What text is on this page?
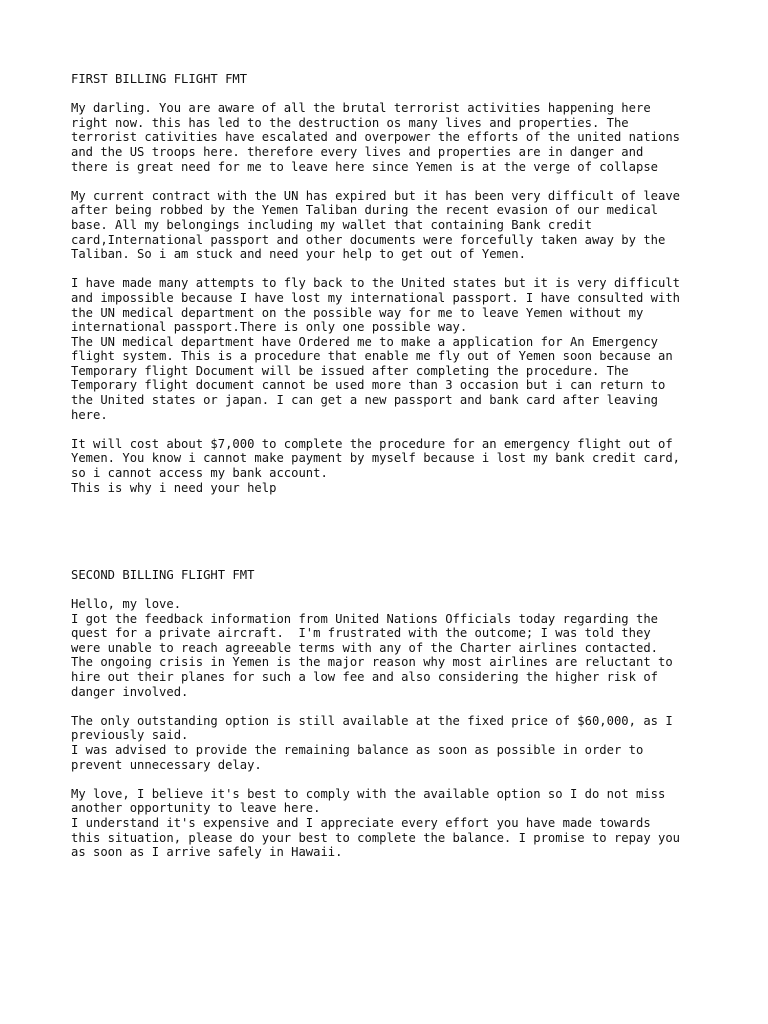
FIRST BILLING FLIGHT FMT
My darling. You are aware of all the brutal terrorist activities happening here
right now. this has led to the destruction os many lives and properties. The
terrorist cativities have escalated and overpower the efforts of the united nations
and the US troops here. therefore every lives and properties are in danger and
there is great need for me to leave here since Yemen is at the verge of collapse
My current contract with the UN has expired but it has been very difficult of leave
after being robbed by the Yemen Taliban during the recent evasion of our medical
base. All my belongings including my wallet that containing Bank credit
card,International passport and other documents were forcefully taken away by the
Taliban. So i am stuck and need your help to get out of Yemen.
I have made many attempts to fly back to the United states but it is very difficult
and impossible because I have lost my international passport. I have consulted with
the UN medical department on the possible way for me to leave Yemen without my
international passport.There is only one possible way.
The UN medical department have Ordered me to make a application for An Emergency
flight system. This is a procedure that enable me fly out of Yemen soon because an
Temporary flight Document will be issued after completing the procedure. The
Temporary flight document cannot be used more than 3 occasion but i can return to
the United states or japan. I can get a new passport and bank card after leaving
here.
It will cost about $7,000 to complete the procedure for an emergency flight out of
Yemen. You know i cannot make payment by myself because i lost my bank credit card,
so i cannot access my bank account.
This is why i need your help
SECOND BILLING FLIGHT FMT
Hello, my love.
I got the feedback information from United Nations Officials today regarding the
quest for a private aircraft.  I'm frustrated with the outcome; I was told they
were unable to reach agreeable terms with any of the Charter airlines contacted.
The ongoing crisis in Yemen is the major reason why most airlines are reluctant to
hire out their planes for such a low fee and also considering the higher risk of
danger involved.
The only outstanding option is still available at the fixed price of $60,000, as I
previously said.
I was advised to provide the remaining balance as soon as possible in order to
prevent unnecessary delay.
My love, I believe it's best to comply with the available option so I do not miss
another opportunity to leave here.
I understand it's expensive and I appreciate every effort you have made towards
this situation, please do your best to complete the balance. I promise to repay you
as soon as I arrive safely in Hawaii.
